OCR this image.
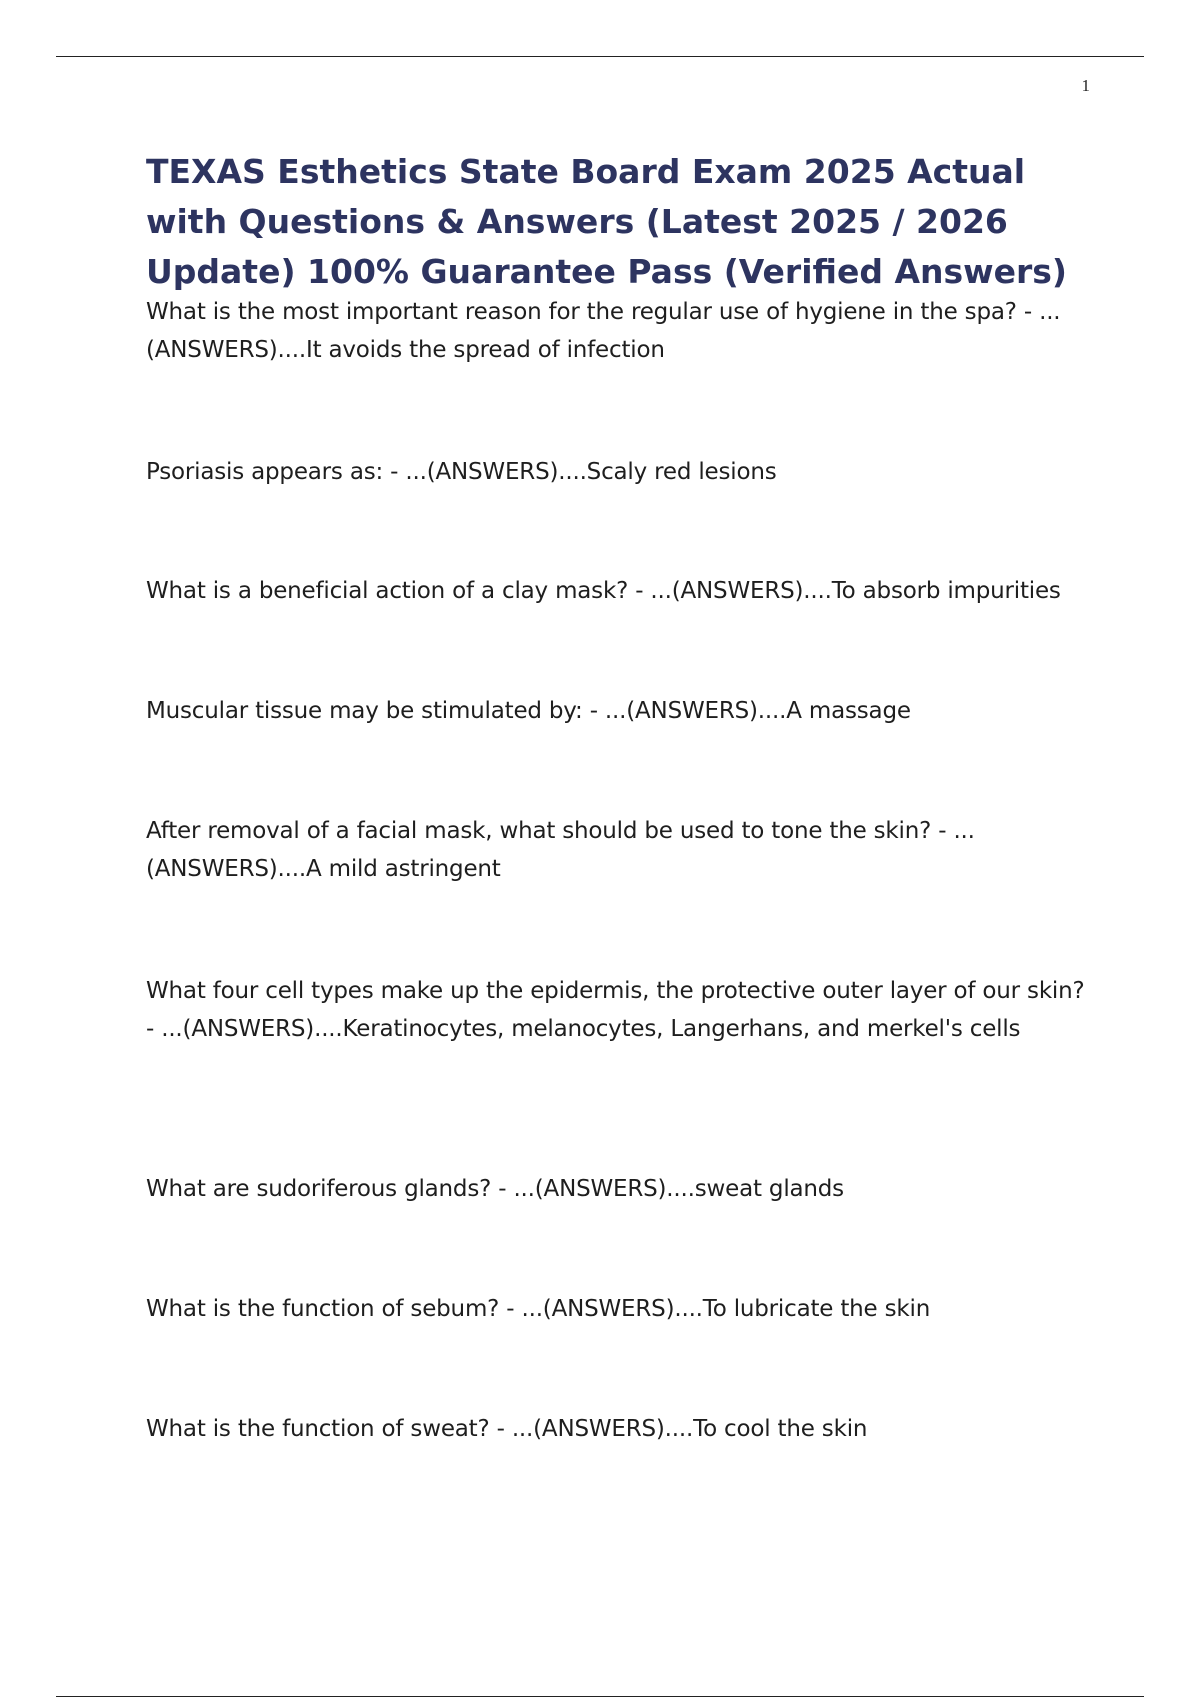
1
TEXAS Esthetics State Board Exam 2025 Actual with Questions & Answers (Latest 2025 / 2026 Update) 100% Guarantee Pass (Verified Answers)

What is the most important reason for the regular use of hygiene in the spa? - ...(ANSWERS)....It avoids the spread of infection

Psoriasis appears as: - ...(ANSWERS)....Scaly red lesions

What is a beneficial action of a clay mask? - ...(ANSWERS)....To absorb impurities

Muscular tissue may be stimulated by: - ...(ANSWERS)....A massage

After removal of a facial mask, what should be used to tone the skin? - ...(ANSWERS)....A mild astringent

What four cell types make up the epidermis, the protective outer layer of our skin? - ...(ANSWERS)....Keratinocytes, melanocytes, Langerhans, and merkel's cells

What are sudoriferous glands? - ...(ANSWERS)....sweat glands

What is the function of sebum? - ...(ANSWERS)....To lubricate the skin

What is the function of sweat? - ...(ANSWERS)....To cool the skin
